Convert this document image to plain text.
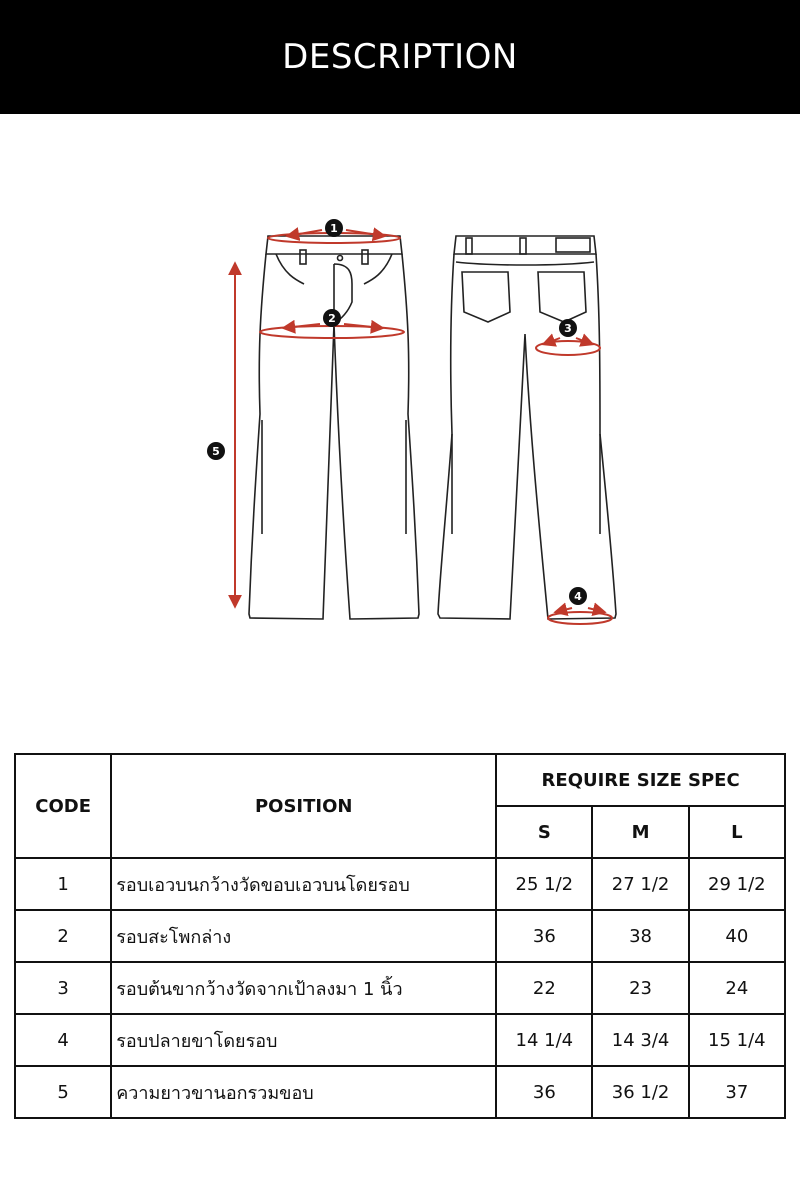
DESCRIPTION
1
2
3
4
5
CODE	POSITION	REQUIRE SIZE SPEC		
		S	M	L
1	รอบเอวบนกว้างวัดขอบเอวบนโดยรอบ	25 1/2	27 1/2	29 1/2
2	รอบสะโพกล่าง	36	38	40
3	รอบต้นขากว้างวัดจากเป้าลงมา 1 นิ้ว	22	23	24
4	รอบปลายขาโดยรอบ	14 1/4	14 3/4	15 1/4
5	ความยาวขานอกรวมขอบ	36	36 1/2	37
